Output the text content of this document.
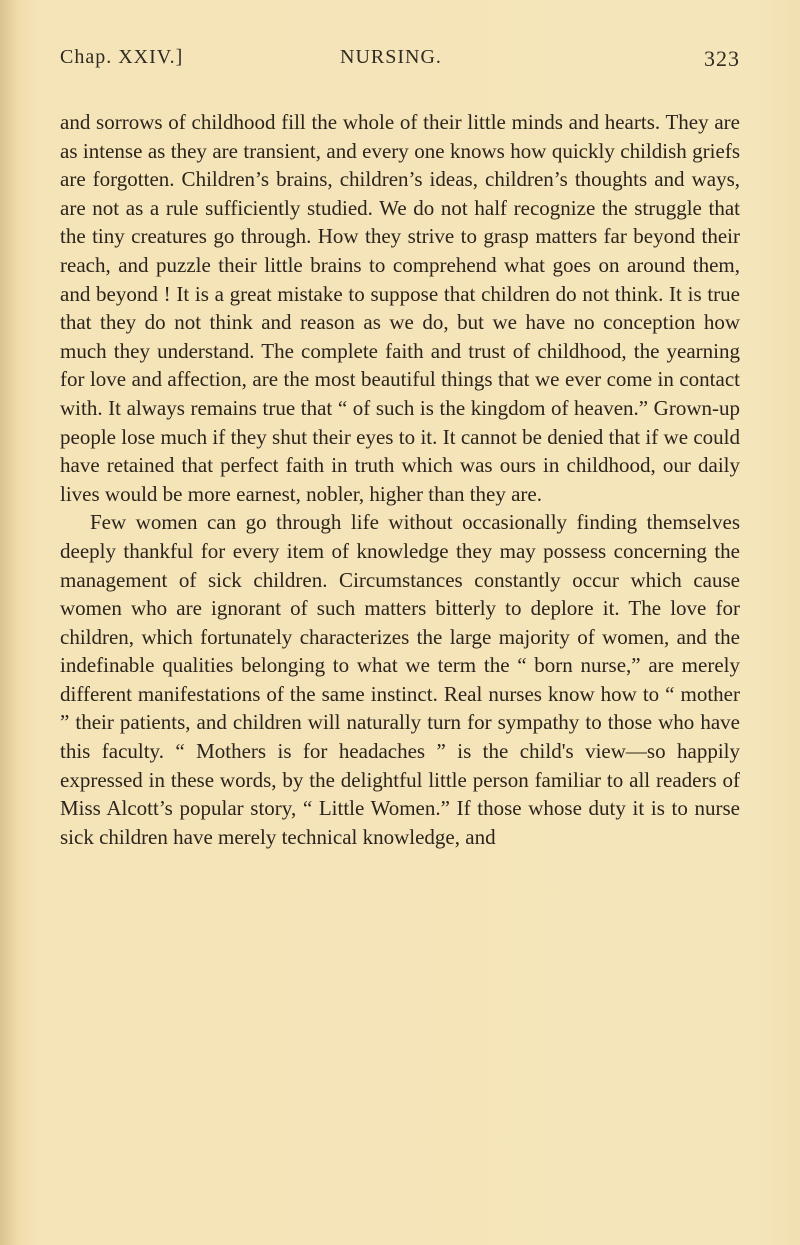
Chap. XXIV.]	NURSING.	323

and sorrows of childhood fill the whole of their little minds and hearts. They are as intense as they are transient, and every one knows how quickly childish griefs are forgotten. Children’s brains, children’s ideas, children’s thoughts and ways, are not as a rule sufficiently studied. We do not half recognize the struggle that the tiny creatures go through. How they strive to grasp matters far beyond their reach, and puzzle their little brains to comprehend what goes on around them, and beyond ! It is a great mistake to suppose that children do not think. It is true that they do not think and reason as we do, but we have no conception how much they understand. The complete faith and trust of childhood, the yearning for love and affection, are the most beautiful things that we ever come in contact with. It always remains true that “ of such is the kingdom of heaven.” Grown-up people lose much if they shut their eyes to it. It cannot be denied that if we could have retained that perfect faith in truth which was ours in childhood, our daily lives would be more earnest, nobler, higher than they are.

Few women can go through life without occasionally finding themselves deeply thankful for every item of knowledge they may possess concerning the management of sick children. Circumstances constantly occur which cause women who are ignorant of such matters bitterly to deplore it. The love for children, which fortunately characterizes the large majority of women, and the indefinable qualities belonging to what we term the “ born nurse,” are merely different manifestations of the same instinct. Real nurses know how to “ mother ” their patients, and children will naturally turn for sympathy to those who have this faculty. “ Mothers is for headaches ” is the child's view—so happily expressed in these words, by the delightful little person familiar to all readers of Miss Alcott’s popular story, “ Little Women.” If those whose duty it is to nurse sick children have merely technical knowledge, and
